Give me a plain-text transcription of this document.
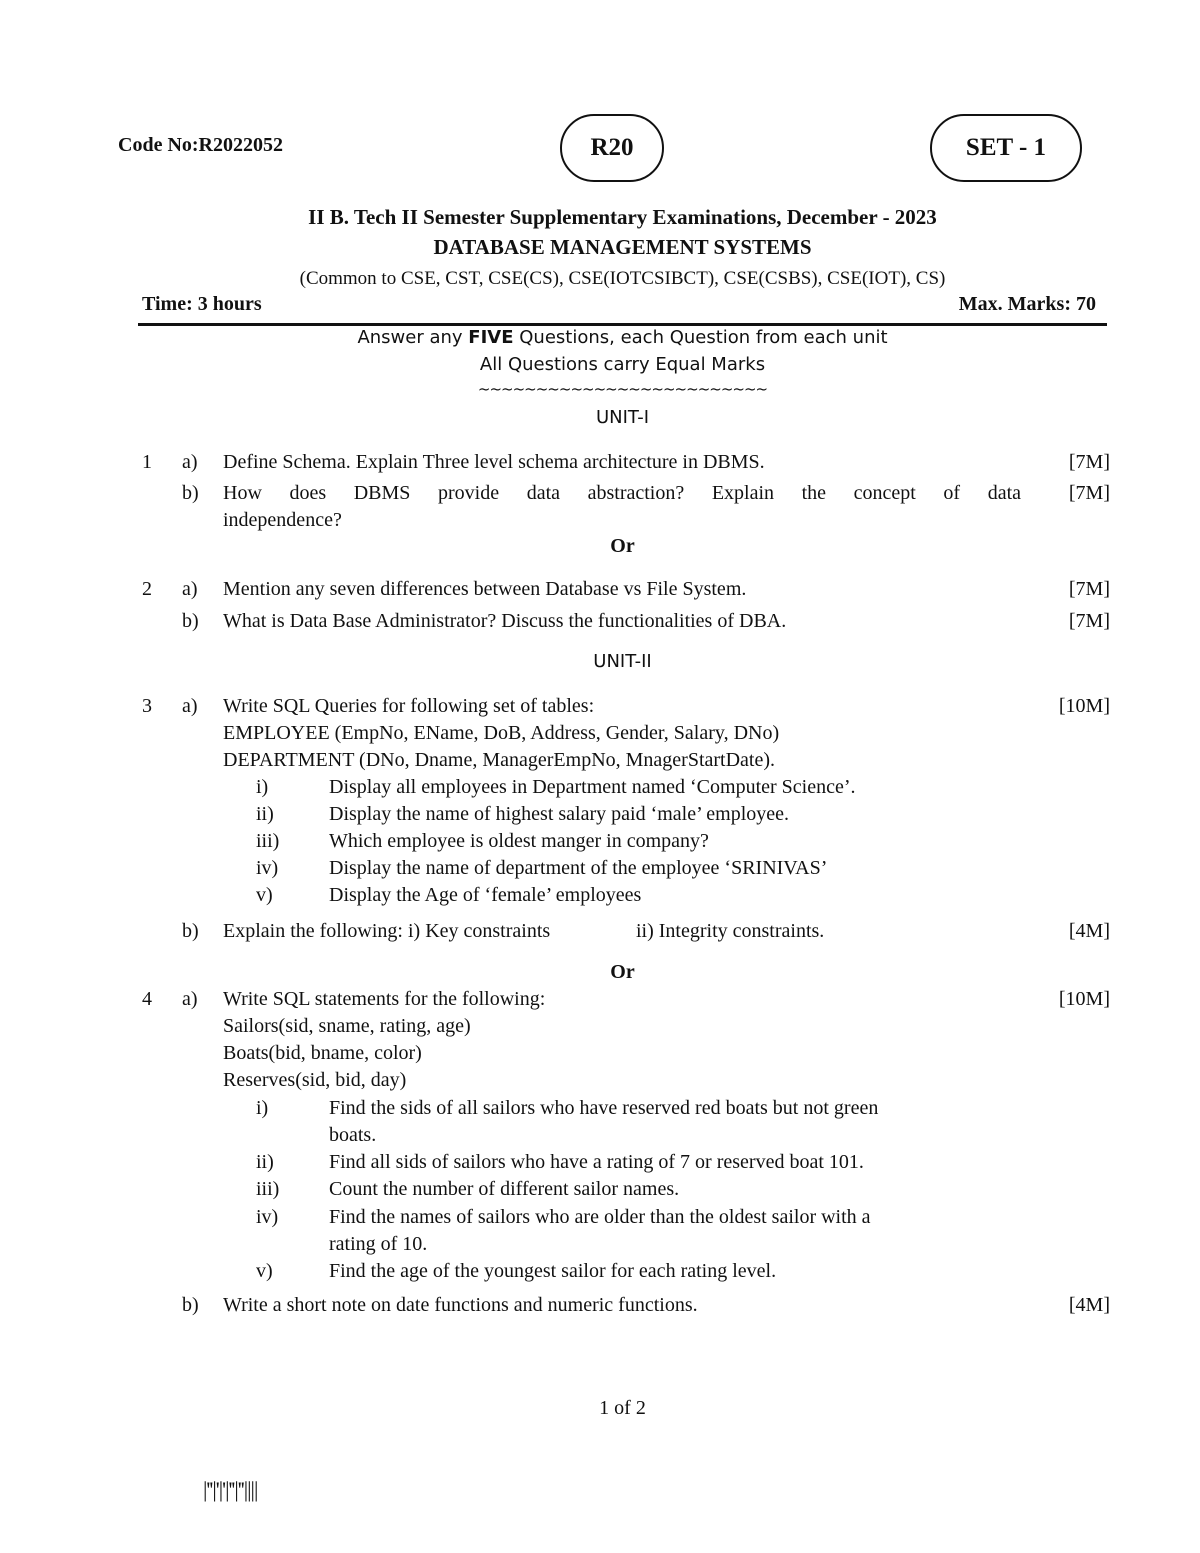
Code No:R2022052	R20	SET - 1
II B. Tech II Semester Supplementary Examinations, December - 2023
DATABASE MANAGEMENT SYSTEMS
(Common to CSE, CST, CSE(CS), CSE(IOTCSIBCT), CSE(CSBS), CSE(IOT), CS)
Time: 3 hours	Max. Marks: 70
Answer any FIVE Questions, each Question from each unit
All Questions carry Equal Marks
~~~~~~~~~~~~~~~~~~~~~~~~~
UNIT-I
1 a) Define Schema. Explain Three level schema architecture in DBMS.	[7M]
b) How does DBMS provide data abstraction? Explain the concept of data [7M]
independence?
Or
2 a) Mention any seven differences between Database vs File System.	[7M]
b) What is Data Base Administrator? Discuss the functionalities of DBA.	[7M]
UNIT-II
3 a) Write SQL Queries for following set of tables:	[10M]
EMPLOYEE (EmpNo, EName, DoB, Address, Gender, Salary, DNo)
DEPARTMENT (DNo, Dname, ManagerEmpNo, MnagerStartDate).
i)	Display all employees in Department named ‘Computer Science’.
ii)	Display the name of highest salary paid ‘male’ employee.
iii) Which employee is oldest manger in company?
iv)	Display the name of department of the employee ‘SRINIVAS’
v)	Display the Age of ‘female’ employees
b) Explain the following: i) Key constraints	ii) Integrity constraints.	[4M]
Or
4 a) Write SQL statements for the following:	[10M]
Sailors(sid, sname, rating, age)
Boats(bid, bname, color)
Reserves(sid, bid, day)
i)	Find the sids of all sailors who have reserved red boats but not green
boats.
ii)	Find all sids of sailors who have a rating of 7 or reserved boat 101.
iii) Count the number of different sailor names.
iv)	Find the names of sailors who are older than the oldest sailor with a
rating of 10.
v)	Find the age of the youngest sailor for each rating level.
b) Write a short note on date functions and numeric functions.	[4M]
1 of 2
|''|'|'|''|''||||
